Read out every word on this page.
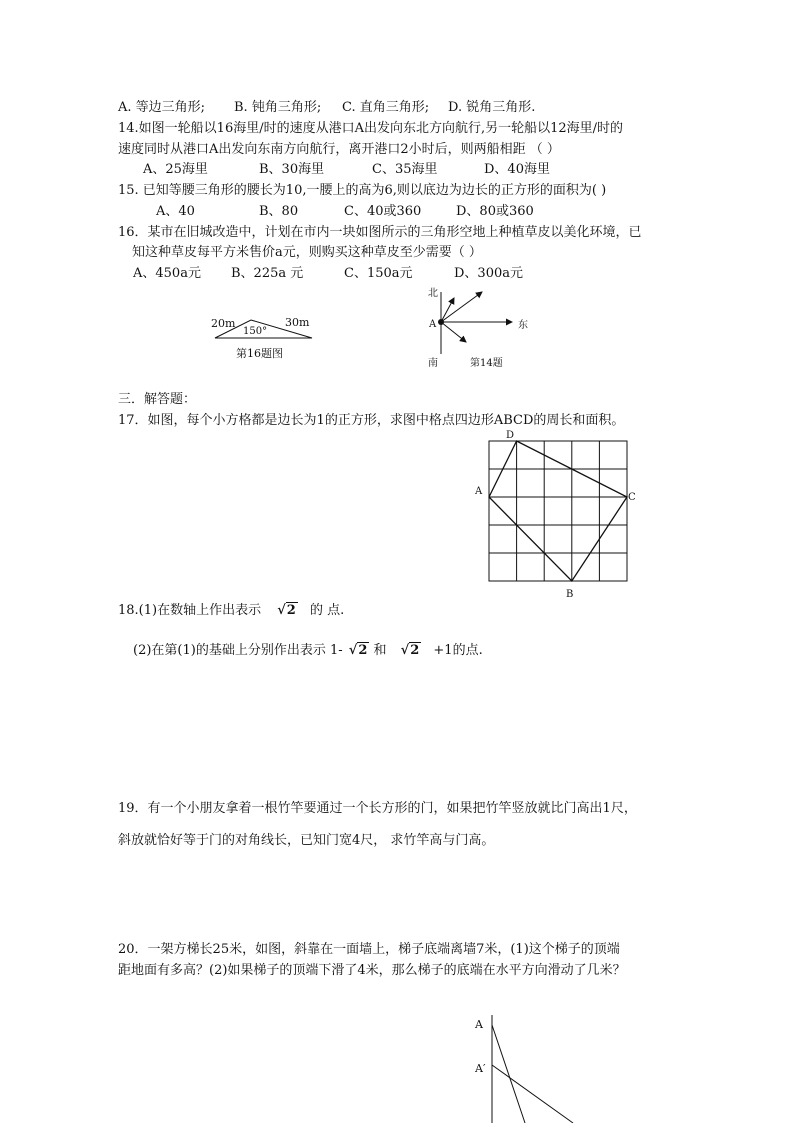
A. 等边三角形; B. 钝角三角形; C. 直角三角形; D. 锐角三角形.
14.如图一轮船以16海里/时的速度从港口A出发向东北方向航行,另一轮船以12海里/时的
速度同时从港口A出发向东南方向航行，离开港口2小时后，则两船相距 （ ）
A、25海里	B、30海里	C、35海里	D、40海里
15. 已知等腰三角形的腰长为10,一腰上的高为6,则以底边为边长的正方形的面积为( )
A、40	B、80	C、40或360	D、80或360
16．某市在旧城改造中，计划在市内一块如图所示的三角形空地上种植草皮以美化环境，已
知这种草皮每平方米售价a元，则购买这种草皮至少需要（ ）
A、450a元 B、225a 元	C、150a元	D、300a元
20m	30m
150°
第16题图
北
A	东
南	第14题
三．解答题：
17．如图，每个小方格都是边长为1的正方形，求图中格点四边形ABCD的周长和面积。
A
D
C
B
18.(1)在数轴上作出表示 √2 的 点.
(2)在第(1)的基础上分别作出表示 1- √2 和 √2 +1的点.
19．有一个小朋友拿着一根竹竿要通过一个长方形的门，如果把竹竿竖放就比门高出1尺，
斜放就恰好等于门的对角线长，已知门宽4尺， 求竹竿高与门高。
20．一架方梯长25米，如图，斜靠在一面墙上，梯子底端离墙7米，(1)这个梯子的顶端
距地面有多高？(2)如果梯子的顶端下滑了4米，那么梯子的底端在水平方向滑动了几米？
A
A′
